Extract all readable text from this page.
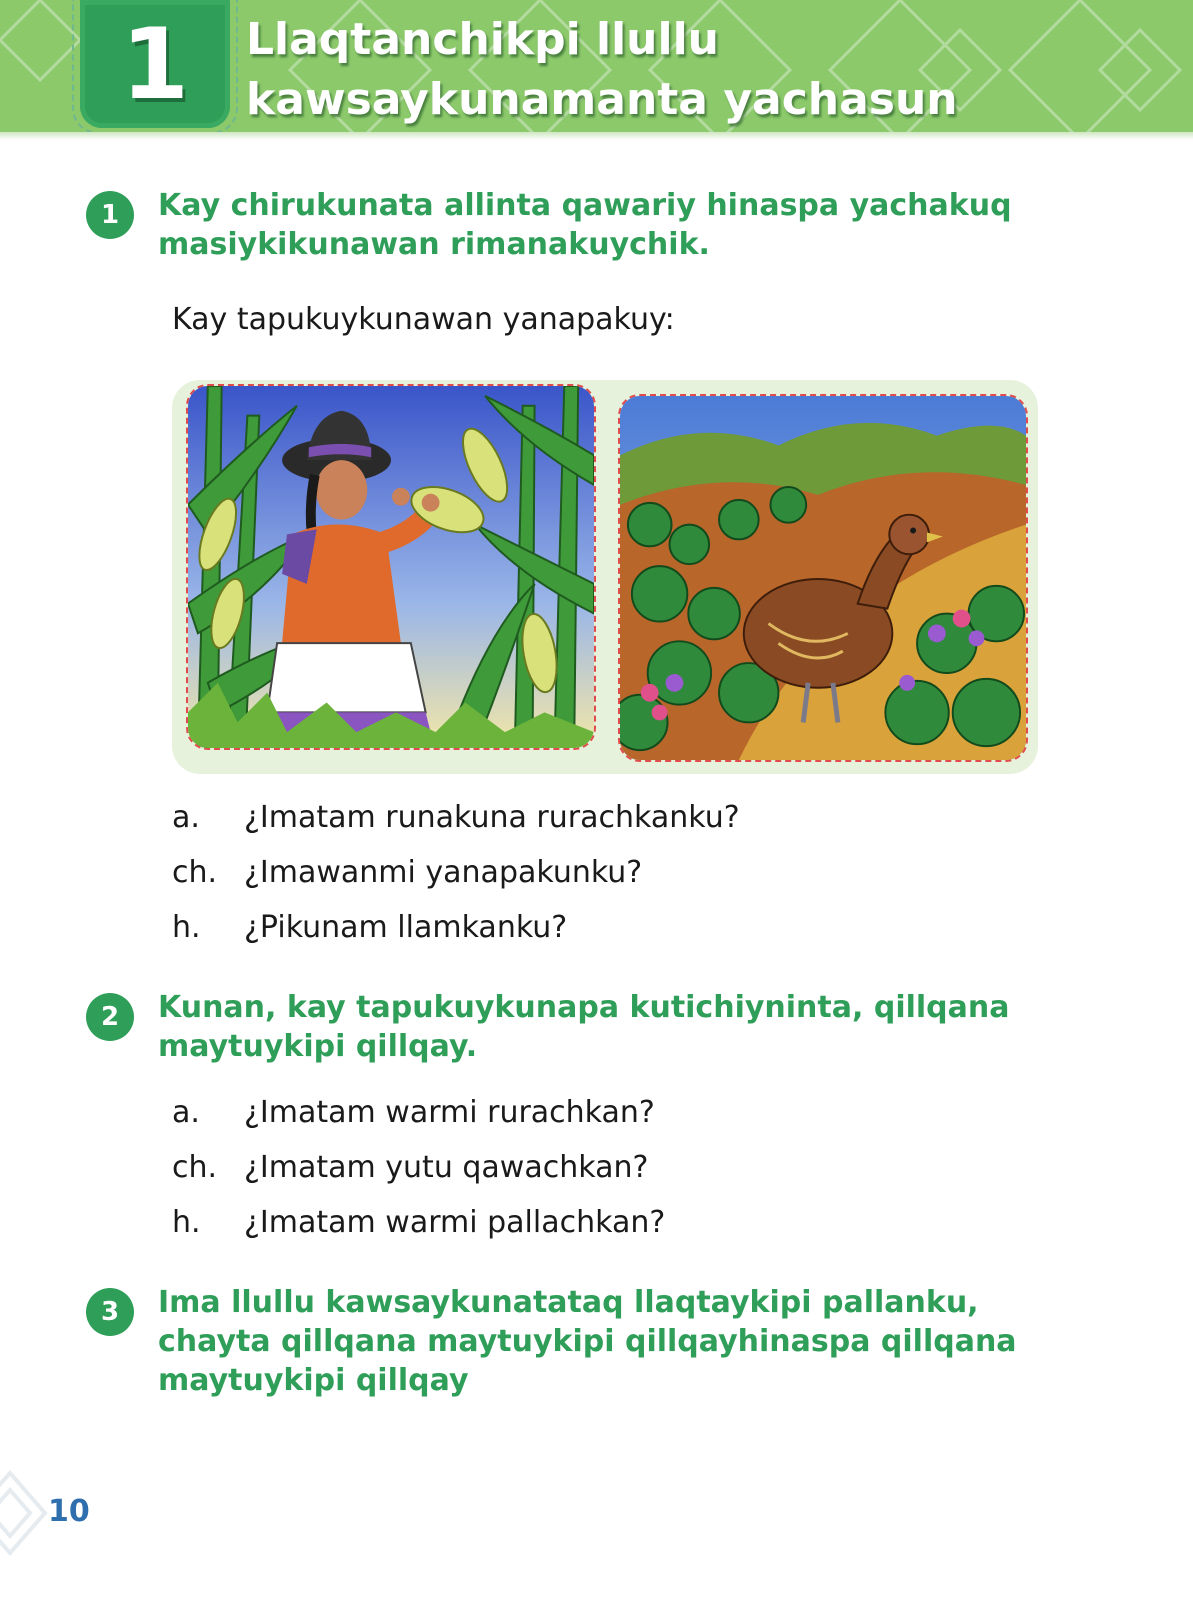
1	Llaqtanchikpi llullu
kawsaykunamanta yachasun
1	Kay chirukunata allinta qawariy hinaspa yachakuq
masiykikunawan rimanakuychik.

Kay tapukuykunawan yanapakuy:

a.	¿Imatam runakuna rurachkanku?
ch. ¿Imawanmi yanapakunku?
h.	¿Pikunam llamkanku?
2	Kunan, kay tapukuykunapa kutichiyninta, qillqana
maytuykipi qillqay.

a.	¿Imatam warmi rurachkan?
ch. ¿Imatam yutu qawachkan?
h.	¿Imatam warmi pallachkan?
3	Ima llullu kawsaykunatataq llaqtaykipi pallanku,
chayta qillqana maytuykipi qillqayhinaspa qillqana
maytuykipi qillqay

10
